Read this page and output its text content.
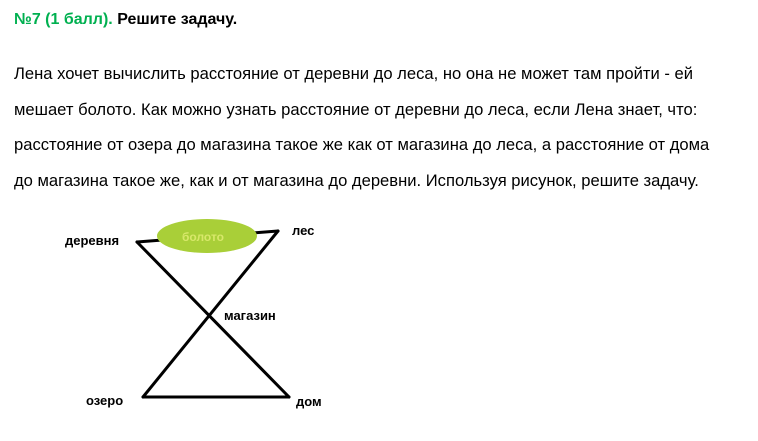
№7 (1 балл). Решите задачу.
Лена хочет вычислить расстояние от деревни до леса, но она не может там пройти - ей
мешает болото. Как можно узнать расстояние от деревни до леса, если Лена знает, что:
расстояние от озера до магазина такое же как от магазина до леса, а расстояние от дома
до магазина такое же, как и от магазина до деревни. Используя рисунок, решите задачу.
болото
деревня
лес
магазин
озеро	дом
